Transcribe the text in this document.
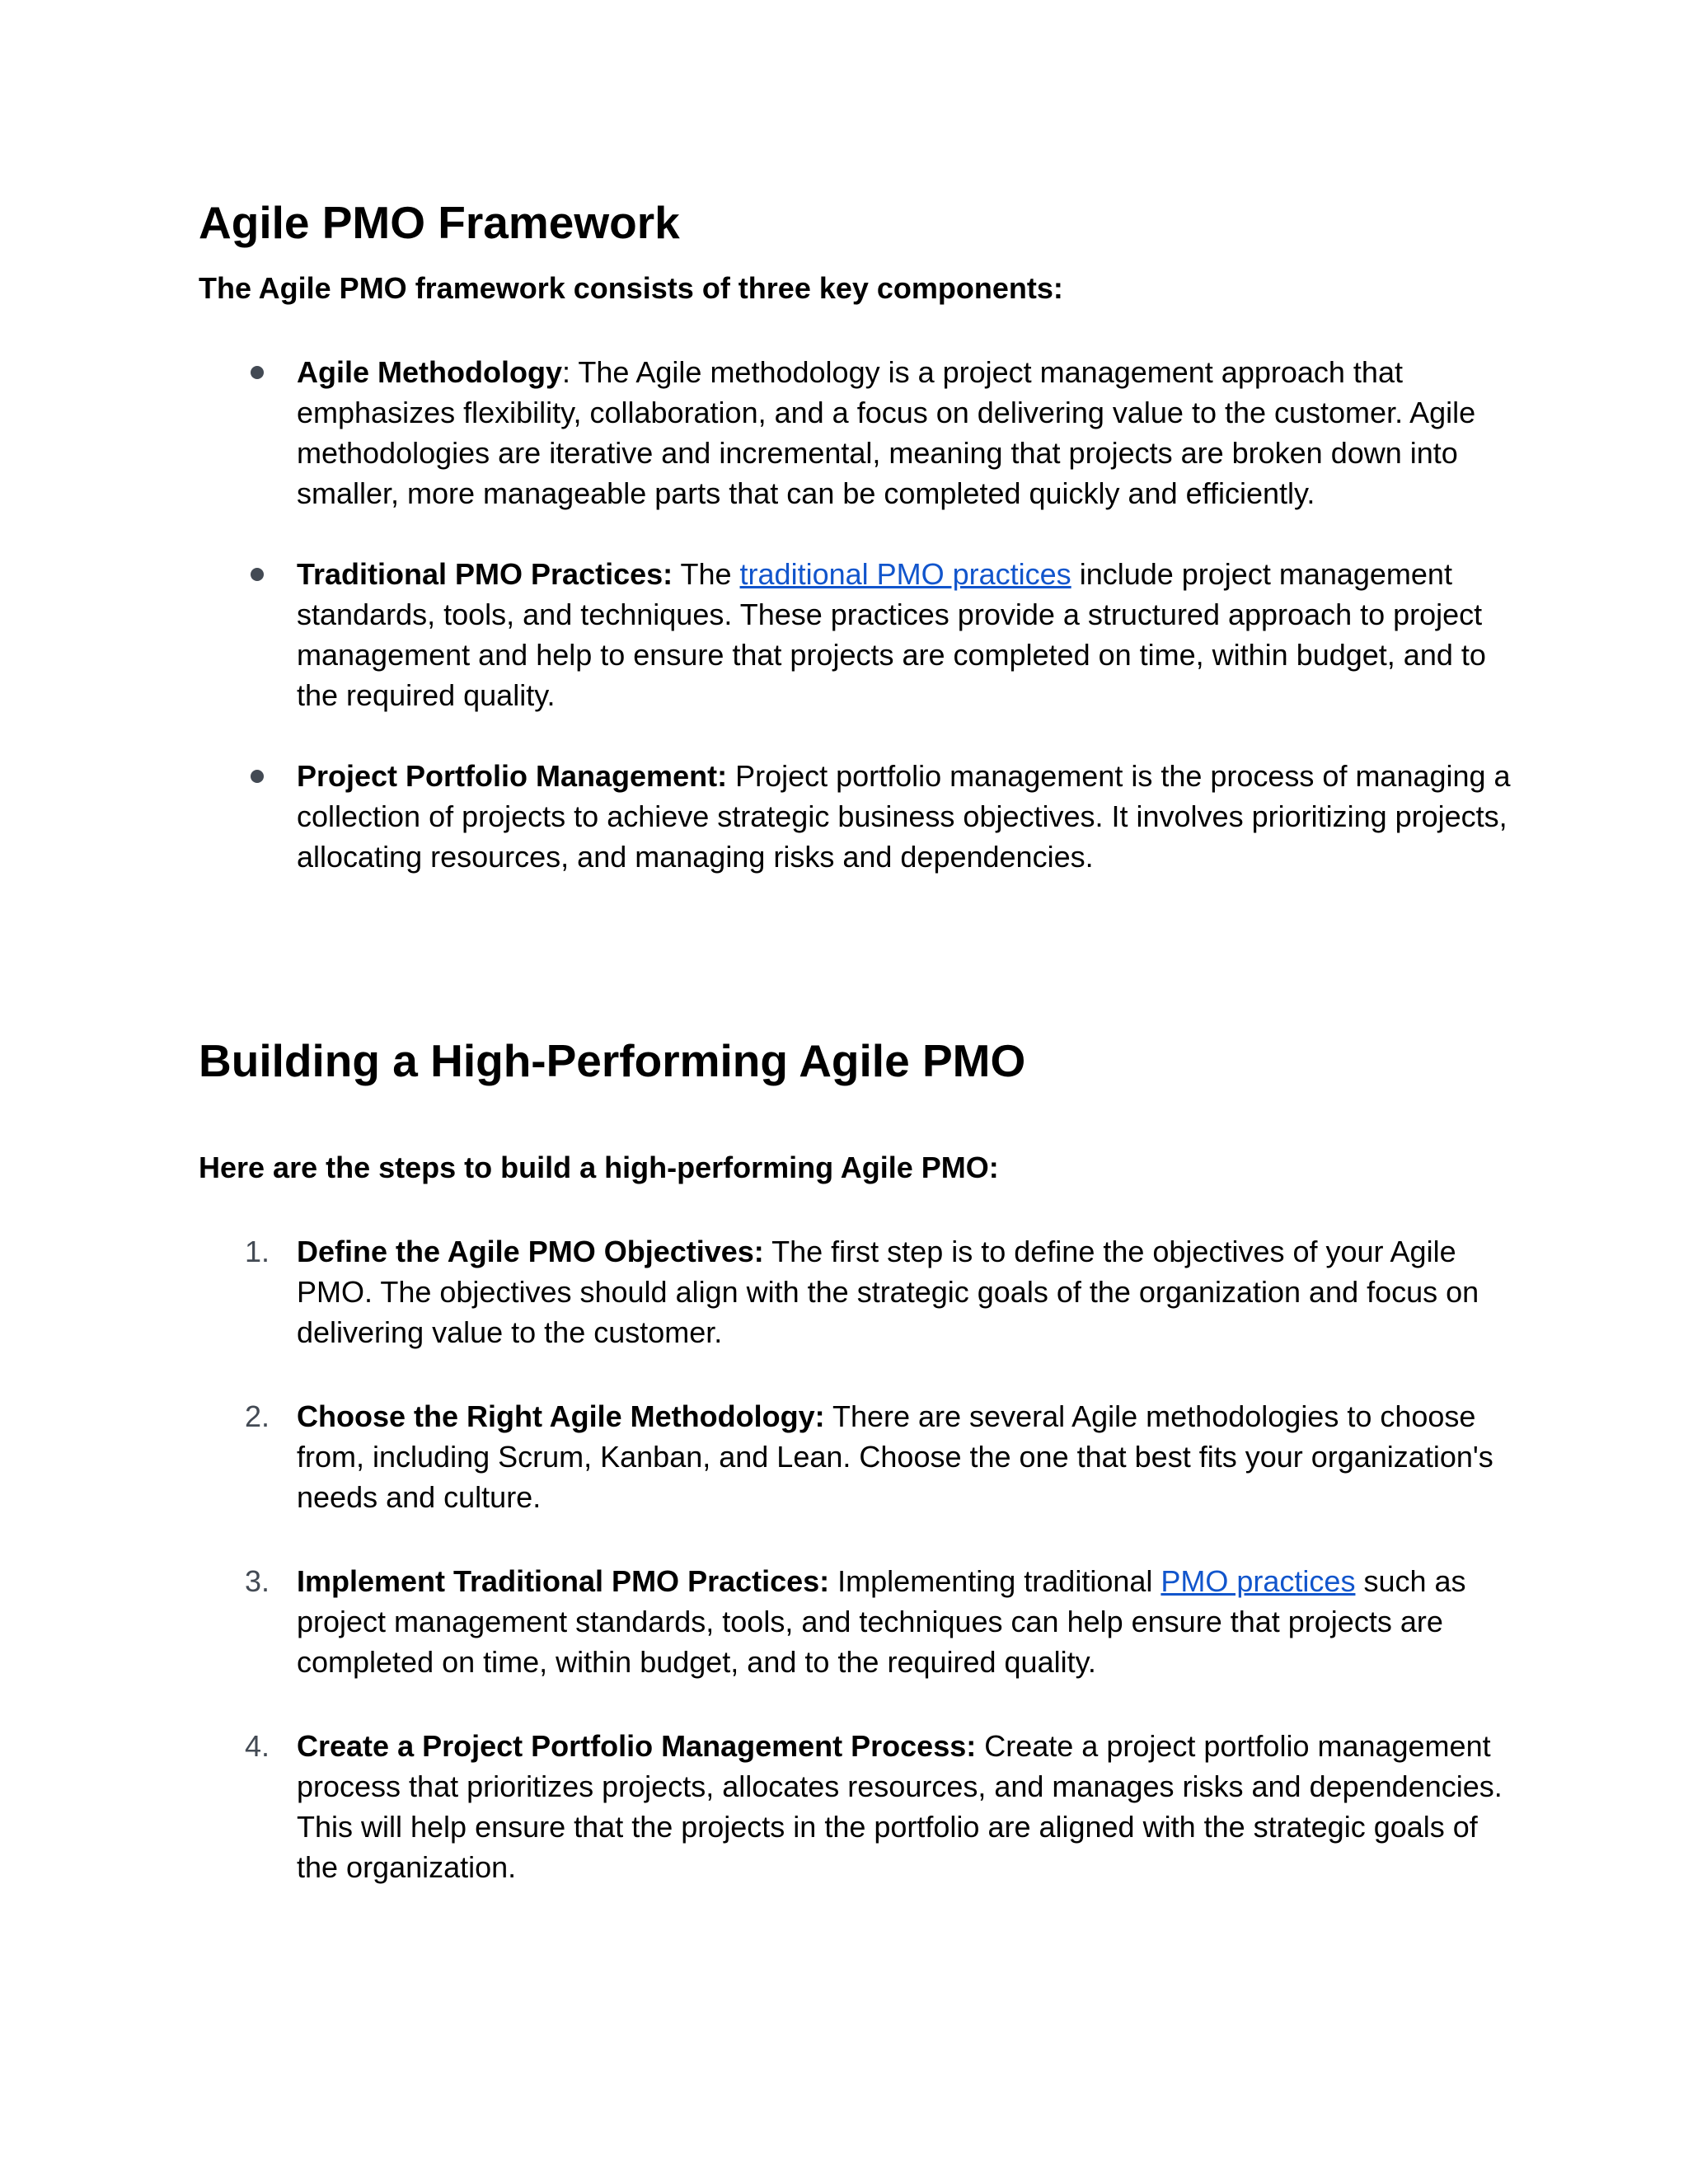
Agile PMO Framework

The Agile PMO framework consists of three key components:

Agile Methodology: The Agile methodology is a project management approach that emphasizes flexibility, collaboration, and a focus on delivering value to the customer. Agile methodologies are iterative and incremental, meaning that projects are broken down into smaller, more manageable parts that can be completed quickly and efficiently.

Traditional PMO Practices: The traditional PMO practices include project management standards, tools, and techniques. These practices provide a structured approach to project management and help to ensure that projects are completed on time, within budget, and to the required quality.

Project Portfolio Management: Project portfolio management is the process of managing a collection of projects to achieve strategic business objectives. It involves prioritizing projects, allocating resources, and managing risks and dependencies.

Building a High-Performing Agile PMO

Here are the steps to build a high-performing Agile PMO:

1. Define the Agile PMO Objectives: The first step is to define the objectives of your Agile PMO. The objectives should align with the strategic goals of the organization and focus on delivering value to the customer.

2. Choose the Right Agile Methodology: There are several Agile methodologies to choose from, including Scrum, Kanban, and Lean. Choose the one that best fits your organization's needs and culture.

3. Implement Traditional PMO Practices: Implementing traditional PMO practices such as project management standards, tools, and techniques can help ensure that projects are completed on time, within budget, and to the required quality.

4. Create a Project Portfolio Management Process: Create a project portfolio management process that prioritizes projects, allocates resources, and manages risks and dependencies. This will help ensure that the projects in the portfolio are aligned with the strategic goals of the organization.
